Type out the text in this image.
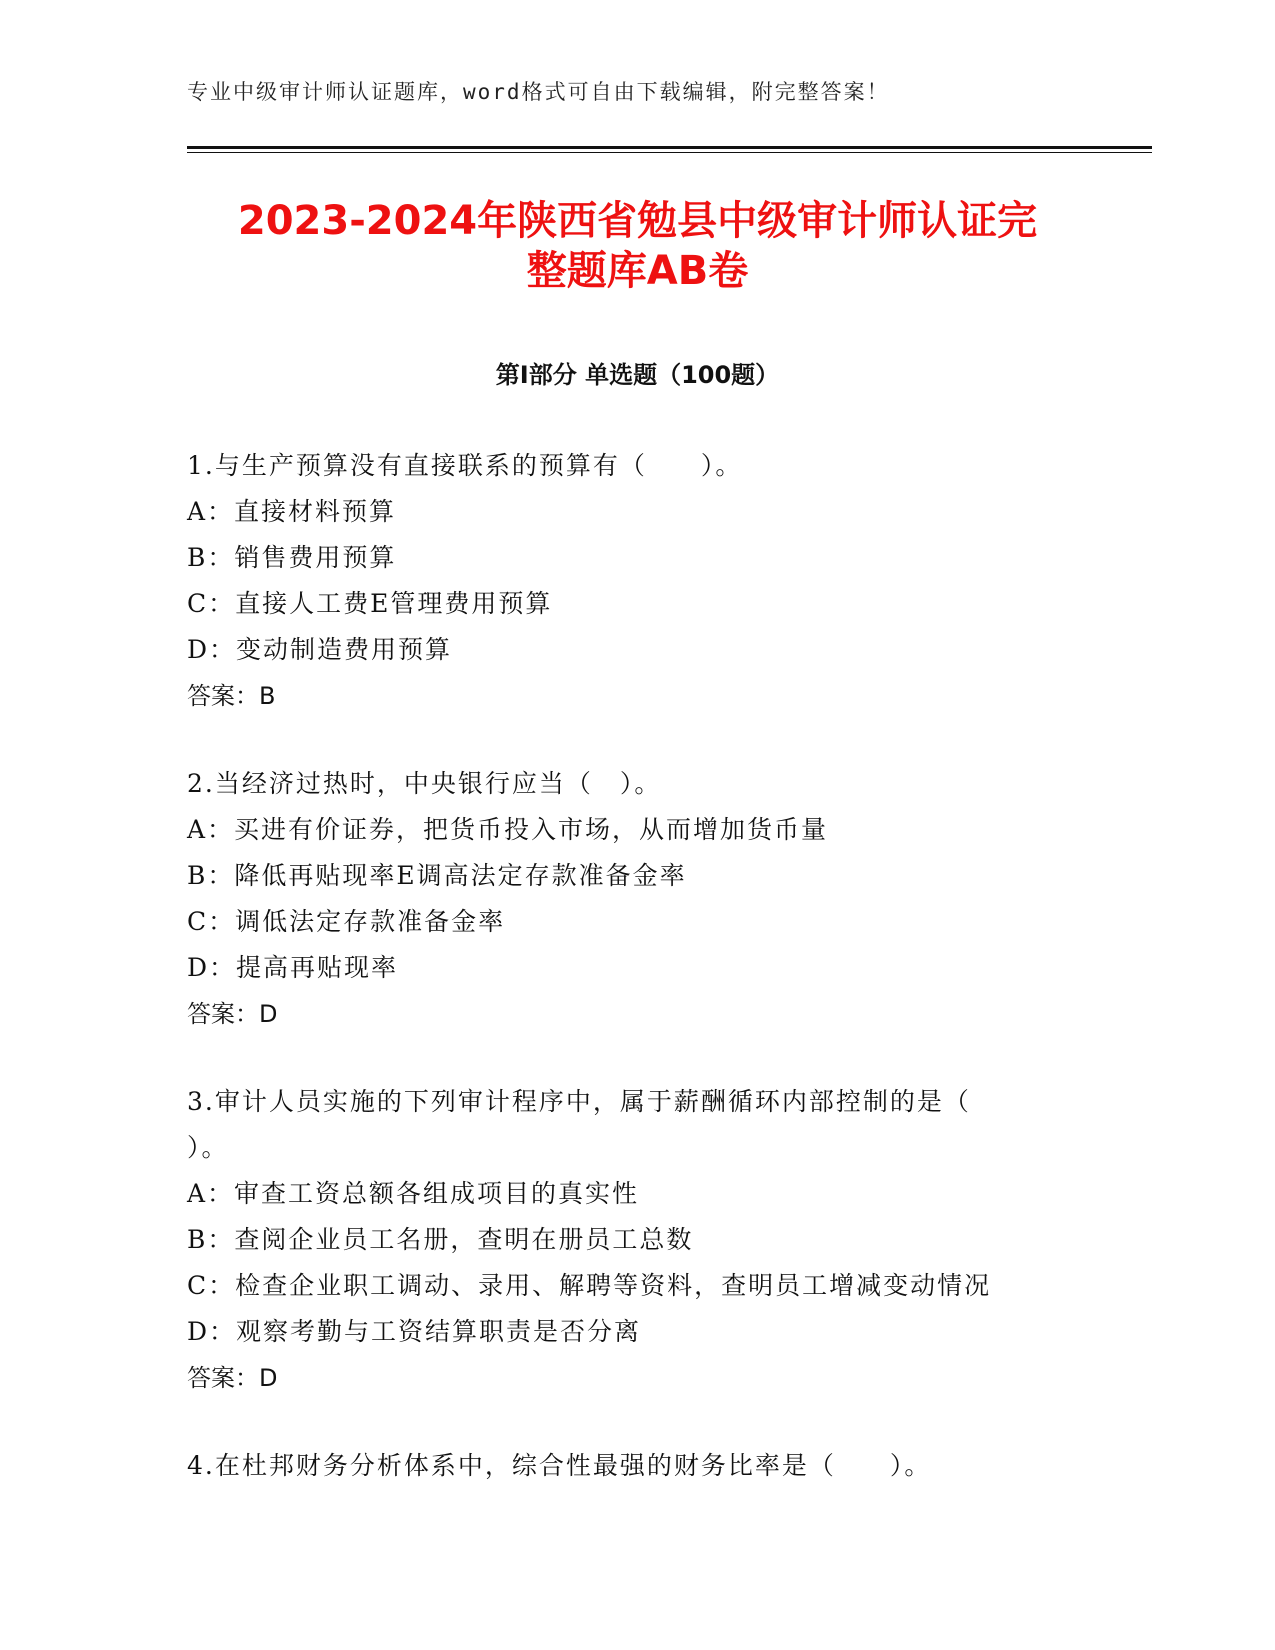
专业中级审计师认证题库，word格式可自由下载编辑，附完整答案！
2023-2024年陕西省勉县中级审计师认证完
整题库AB卷
第Ⅰ部分 单选题（100题）
1.与生产预算没有直接联系的预算有（　　）。
A：直接材料预算
B：销售费用预算
C：直接人工费E管理费用预算
D：变动制造费用预算
答案：B
2.当经济过热时，中央银行应当（　）。
A：买进有价证券，把货币投入市场，从而增加货币量
B：降低再贴现率E调高法定存款准备金率
C：调低法定存款准备金率
D：提高再贴现率
答案：D
3.审计人员实施的下列审计程序中，属于薪酬循环内部控制的是（
）。
A：审查工资总额各组成项目的真实性
B：查阅企业员工名册，查明在册员工总数
C：检查企业职工调动、录用、解聘等资料，查明员工增减变动情况
D：观察考勤与工资结算职责是否分离
答案：D
4.在杜邦财务分析体系中，综合性最强的财务比率是（　　）。
